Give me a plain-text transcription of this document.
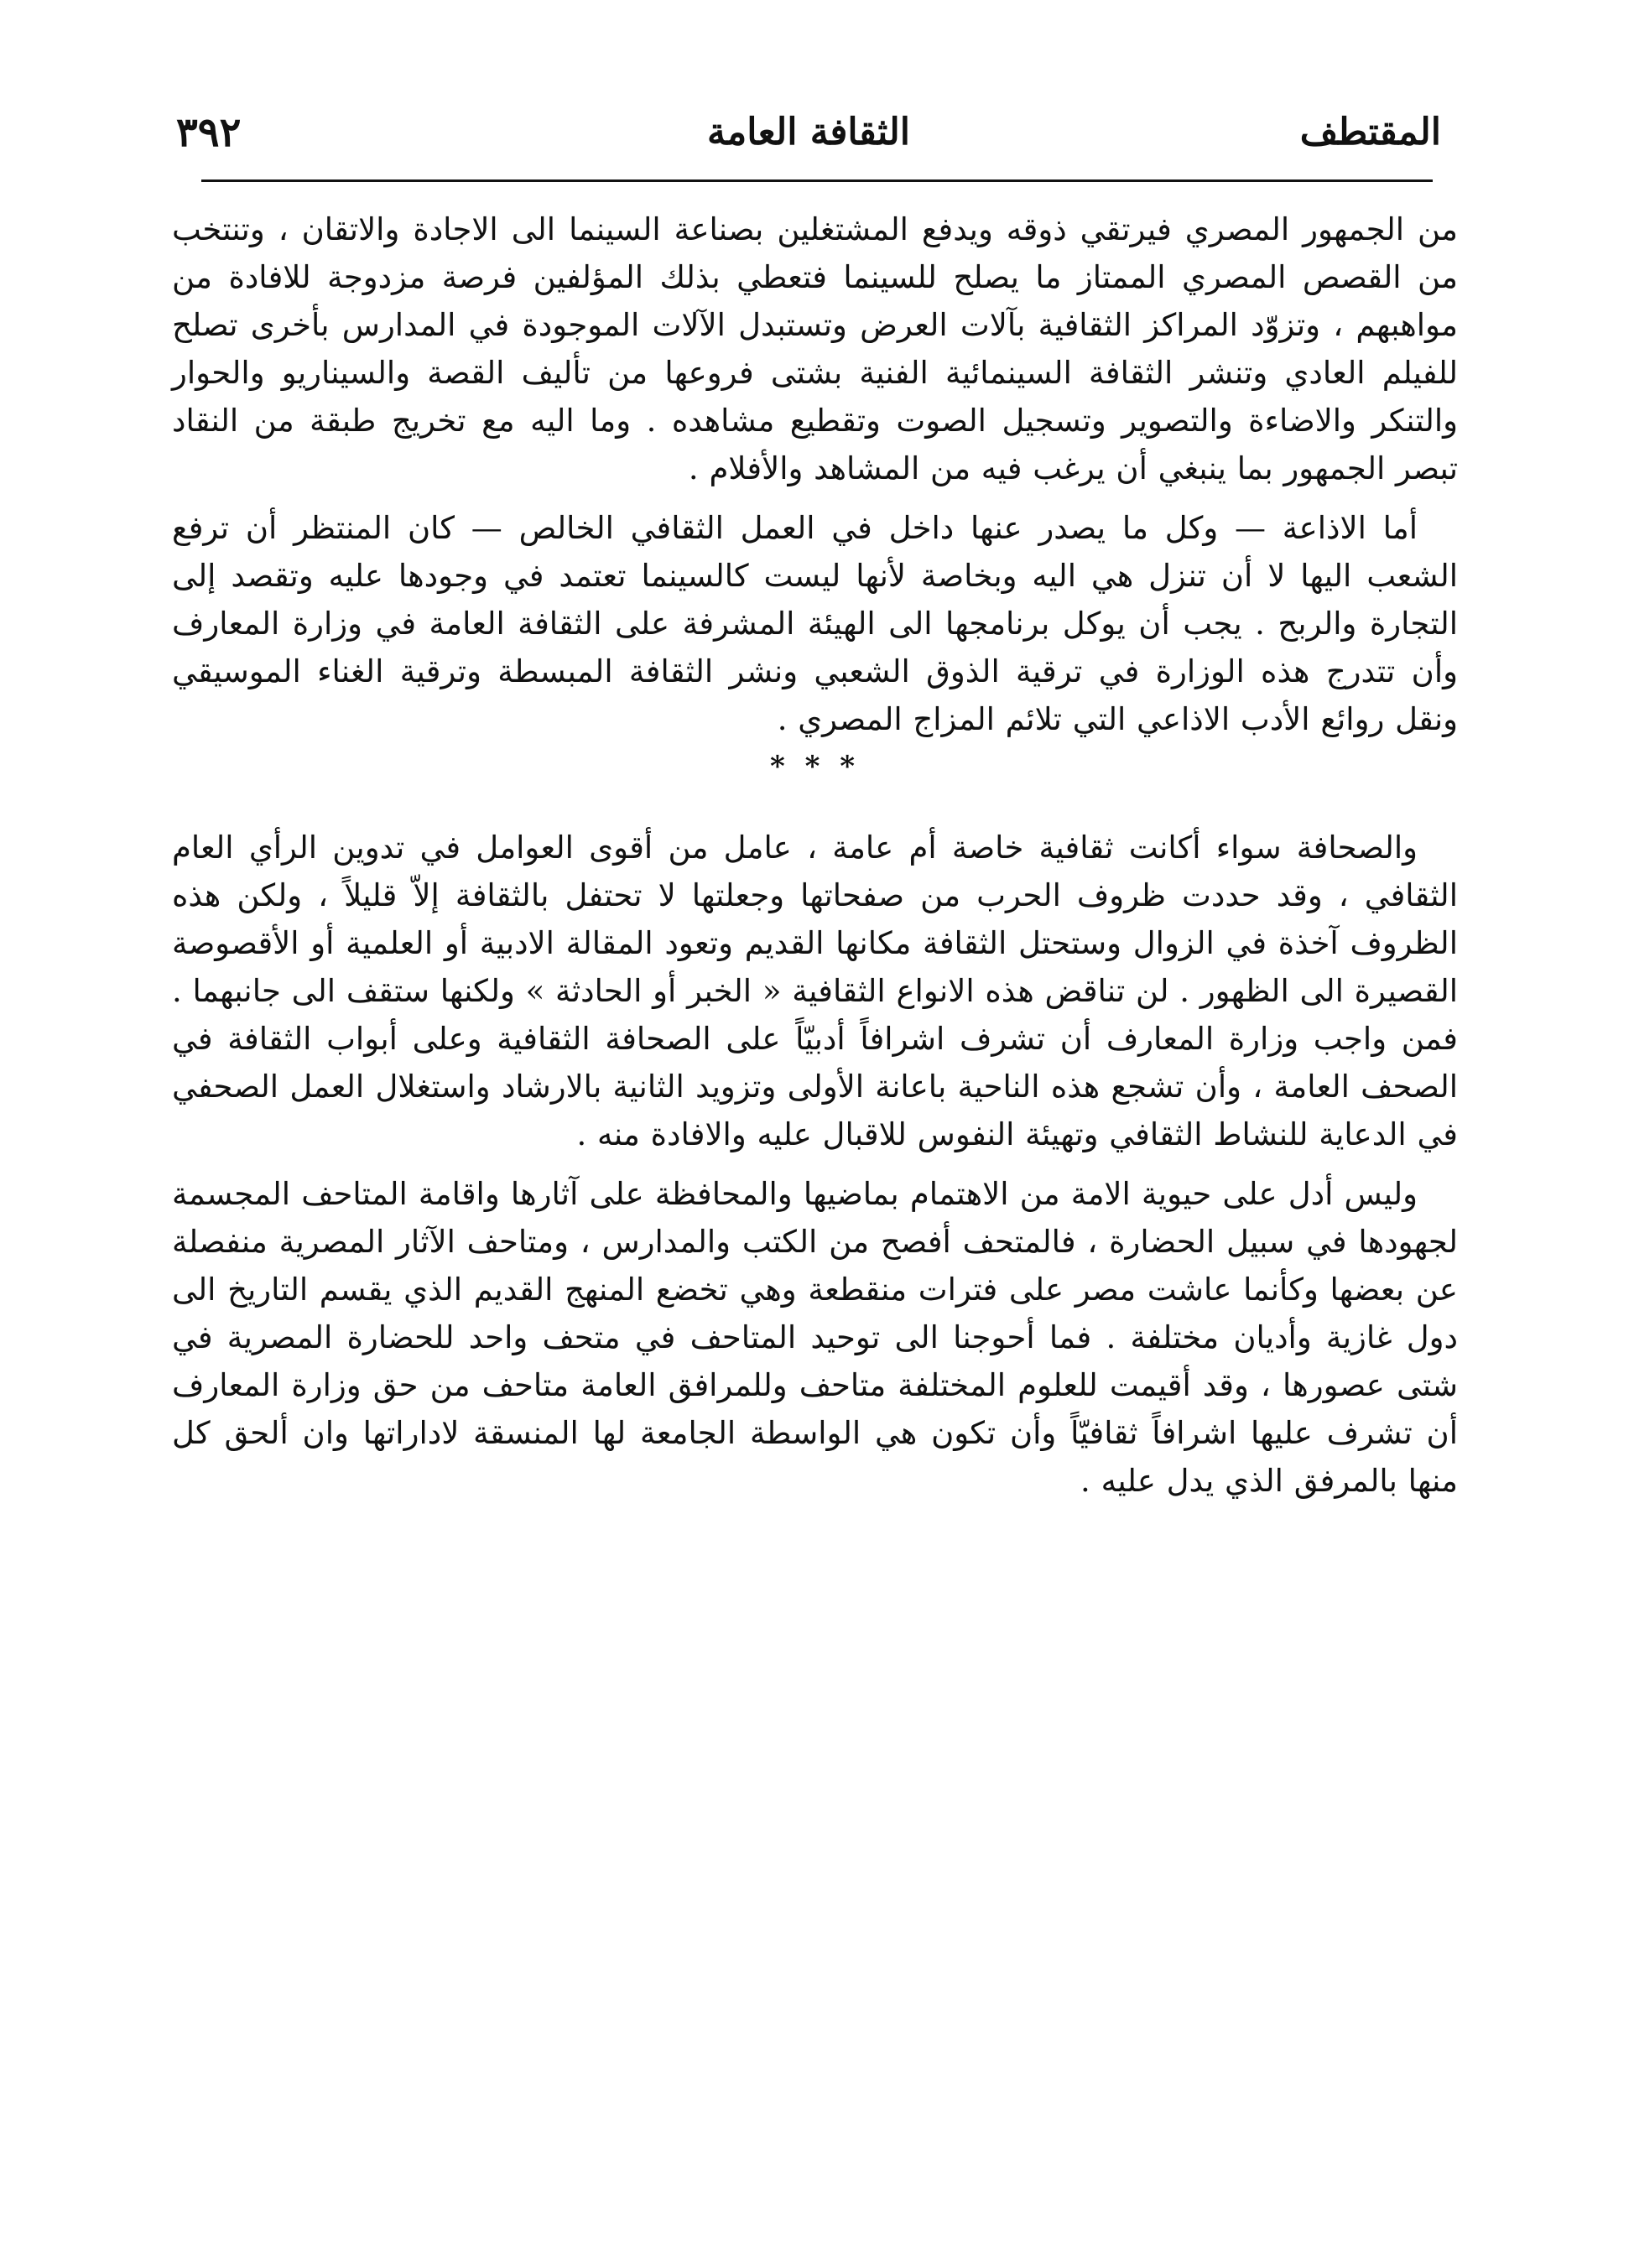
المقتطف
الثقافة العامة
٣٩٢

من الجمهور المصري فيرتقي ذوقه ويدفع المشتغلين بصناعة السينما الى الاجادة والاتقان ، وتنتخب من القصص المصري الممتاز ما يصلح للسينما فتعطي بذلك المؤلفين فرصة مزدوجة للافادة من مواهبهم ، وتزوّد المراكز الثقافية بآلات العرض وتستبدل الآلات الموجودة في المدارس بأخرى تصلح للفيلم العادي وتنشر الثقافة السينمائية الفنية بشتى فروعها من تأليف القصة والسيناريو والحوار والتنكر والاضاءة والتصوير وتسجيل الصوت وتقطيع مشاهده . وما اليه مع تخريج طبقة من النقاد تبصر الجمهور بما ينبغي أن يرغب فيه من المشاهد والأفلام .

أما الاذاعة — وكل ما يصدر عنها داخل في العمل الثقافي الخالص — كان المنتظر أن ترفع الشعب اليها لا أن تنزل هي اليه وبخاصة لأنها ليست كالسينما تعتمد في وجودها عليه وتقصد إلى التجارة والربح . يجب أن يوكل برنامجها الى الهيئة المشرفة على الثقافة العامة في وزارة المعارف وأن تتدرج هذه الوزارة في ترقية الذوق الشعبي ونشر الثقافة المبسطة وترقية الغناء الموسيقي ونقل روائع الأدب الاذاعي التي تلائم المزاج المصري .

* * *

والصحافة سواء أكانت ثقافية خاصة أم عامة ، عامل من أقوى العوامل في تدوين الرأي العام الثقافي ، وقد حددت ظروف الحرب من صفحاتها وجعلتها لا تحتفل بالثقافة إلاّ قليلاً ، ولكن هذه الظروف آخذة في الزوال وستحتل الثقافة مكانها القديم وتعود المقالة الادبية أو العلمية أو الأقصوصة القصيرة الى الظهور . لن تناقض هذه الانواع الثقافية « الخبر أو الحادثة » ولكنها ستقف الى جانبهما . فمن واجب وزارة المعارف أن تشرف اشرافاً أدبيّاً على الصحافة الثقافية وعلى أبواب الثقافة في الصحف العامة ، وأن تشجع هذه الناحية باعانة الأولى وتزويد الثانية بالارشاد واستغلال العمل الصحفي في الدعاية للنشاط الثقافي وتهيئة النفوس للاقبال عليه والافادة منه .

وليس أدل على حيوية الامة من الاهتمام بماضيها والمحافظة على آثارها واقامة المتاحف المجسمة لجهودها في سبيل الحضارة ، فالمتحف أفصح من الكتب والمدارس ، ومتاحف الآثار المصرية منفصلة عن بعضها وكأنما عاشت مصر على فترات منقطعة وهي تخضع المنهج القديم الذي يقسم التاريخ الى دول غازية وأديان مختلفة . فما أحوجنا الى توحيد المتاحف في متحف واحد للحضارة المصرية في شتى عصورها ، وقد أقيمت للعلوم المختلفة متاحف وللمرافق العامة متاحف من حق وزارة المعارف أن تشرف عليها اشرافاً ثقافيّاً وأن تكون هي الواسطة الجامعة لها المنسقة لاداراتها وان ألحق كل منها بالمرفق الذي يدل عليه .
